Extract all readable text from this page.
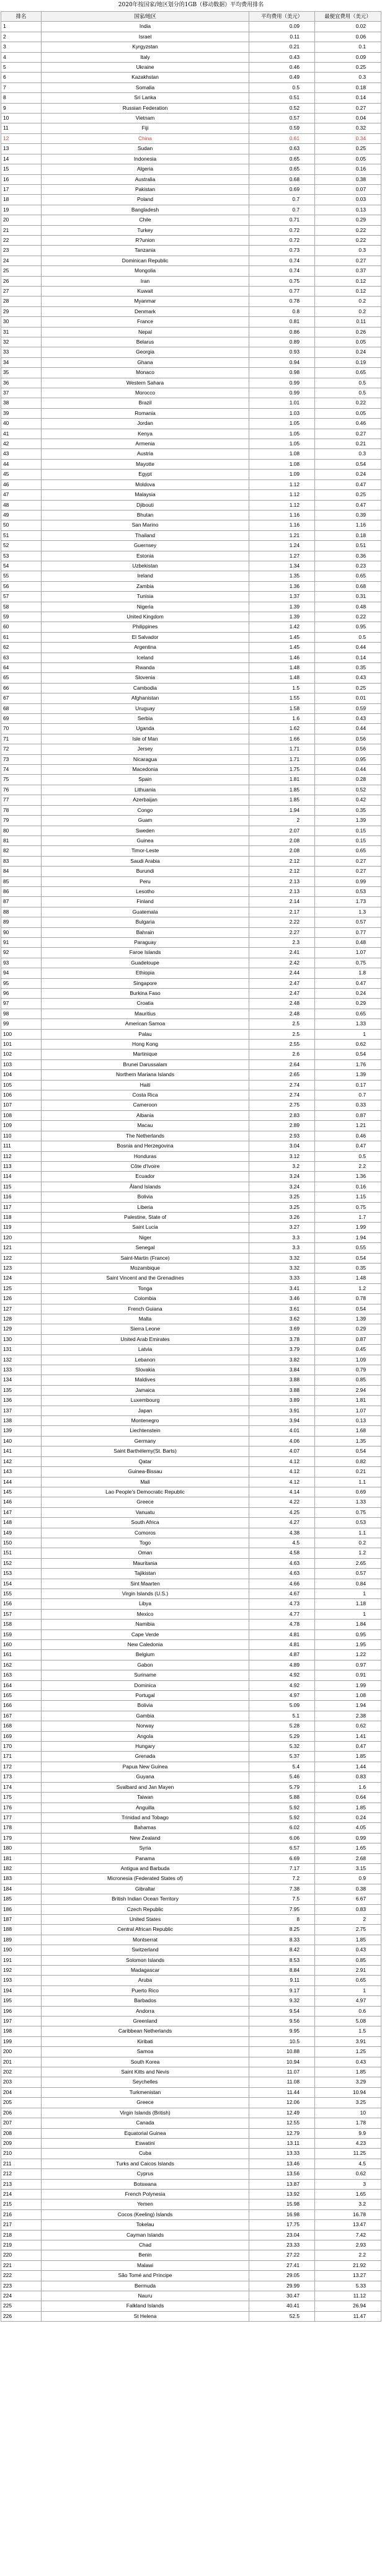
2020年按国家/地区划分的1GB（移动数据）平均费用排名
排名	国家/地区	平均费用（美元）	最便宜费用（美元）
1	India	0.09	0.02
2	Israel	0.11	0.06
3	Kyrgyzstan	0.21	0.1
4	Italy	0.43	0.09
5	Ukraine	0.46	0.25
6	Kazakhstan	0.49	0.3
7	Somalia	0.5	0.18
8	Sri Lanka	0.51	0.14
9	Russian Federation	0.52	0.27
10	Vietnam	0.57	0.04
11	Fiji	0.59	0.32
12	China	0.61	0.34
13	Sudan	0.63	0.25
14	Indonesia	0.65	0.05
15	Algeria	0.65	0.16
16	Australia	0.68	0.38
17	Pakistan	0.69	0.07
18	Poland	0.7	0.03
19	Bangladesh	0.7	0.13
20	Chile	0.71	0.29
21	Turkey	0.72	0.22
22	R?union	0.72	0.22
23	Tanzania	0.73	0.3
24	Dominican Republic	0.74	0.27
25	Mongolia	0.74	0.37
26	Iran	0.75	0.12
27	Kuwait	0.77	0.12
28	Myanmar	0.78	0.2
29	Denmark	0.8	0.2
30	France	0.81	0.11
31	Nepal	0.86	0.26
32	Belarus	0.89	0.05
33	Georgia	0.93	0.24
34	Ghana	0.94	0.19
35	Monaco	0.98	0.65
36	Western Sahara	0.99	0.5
37	Morocco	0.99	0.5
38	Brazil	1.01	0.22
39	Romania	1.03	0.05
40	Jordan	1.05	0.46
41	Kenya	1.05	0.27
42	Armenia	1.05	0.21
43	Austria	1.08	0.3
44	Mayotte	1.08	0.54
45	Egypt	1.09	0.24
46	Moldova	1.12	0.47
47	Malaysia	1.12	0.25
48	Djibouti	1.12	0.47
49	Bhutan	1.16	0.39
50	San Marino	1.16	1.16
51	Thailand	1.21	0.18
52	Guernsey	1.24	0.51
53	Estonia	1.27	0.36
54	Uzbekistan	1.34	0.23
55	Ireland	1.35	0.65
56	Zambia	1.36	0.68
57	Tunisia	1.37	0.31
58	Nigeria	1.39	0.48
59	United Kingdom	1.39	0.22
60	Philippines	1.42	0.95
61	El Salvador	1.45	0.5
62	Argentina	1.45	0.44
63	Iceland	1.46	0.14
64	Rwanda	1.48	0.35
65	Slovenia	1.48	0.43
66	Cambodia	1.5	0.25
67	Afghanistan	1.55	0.01
68	Uruguay	1.58	0.59
69	Serbia	1.6	0.43
70	Uganda	1.62	0.44
71	Isle of Man	1.66	0.56
72	Jersey	1.71	0.56
73	Nicaragua	1.71	0.95
74	Macedonia	1.75	0.44
75	Spain	1.81	0.28
76	Lithuania	1.85	0.52
77	Azerbaijan	1.85	0.42
78	Congo	1.94	0.35
79	Guam	2	1.39
80	Sweden	2.07	0.15
81	Guinea	2.08	0.15
82	Timor-Leste	2.08	0.65
83	Saudi Arabia	2.12	0.27
84	Burundi	2.12	0.27
85	Peru	2.13	0.99
86	Lesotho	2.13	0.53
87	Finland	2.14	1.73
88	Guatemala	2.17	1.3
89	Bulgaria	2.22	0.57
90	Bahrain	2.27	0.77
91	Paraguay	2.3	0.48
92	Faroe Islands	2.41	1.07
93	Guadeloupe	2.42	0.75
94	Ethiopia	2.44	1.8
95	Singapore	2.47	0.47
96	Burkina Faso	2.47	0.24
97	Croatia	2.48	0.29
98	Mauritius	2.48	0.65
99	American Samoa	2.5	1.33
100	Palau	2.5	1
101	Hong Kong	2.55	0.62
102	Martinique	2.6	0.54
103	Brunei Darussalam	2.64	1.76
104	Northern Mariana Islands	2.65	1.39
105	Haiti	2.74	0.17
106	Costa Rica	2.74	0.7
107	Cameroon	2.75	0.33
108	Albania	2.83	0.87
109	Macau	2.89	1.21
110	The Netherlands	2.93	0.46
111	Bosnia and Herzegovina	3.04	0.47
112	Honduras	3.12	0.5
113	Côte d'Ivoire	3.2	2.2
114	Ecuador	3.24	1.36
115	Åland Islands	3.24	0.16
116	Bolivia	3.25	1.15
117	Liberia	3.25	0.75
118	Palestine, State of	3.26	1.7
119	Saint Lucia	3.27	1.99
120	Niger	3.3	1.94
121	Senegal	3.3	0.55
122	Saint-Martin (France)	3.32	0.54
123	Mozambique	3.32	0.35
124	Saint Vincent and the Grenadines	3.33	1.48
125	Tonga	3.41	1.2
126	Colombia	3.46	0.78
127	French Guiana	3.61	0.54
128	Malta	3.62	1.39
129	Sierra Leone	3.69	0.29
130	United Arab Emirates	3.78	0.87
131	Latvia	3.79	0.45
132	Lebanon	3.82	1.09
133	Slovakia	3.84	0.79
134	Maldives	3.88	0.85
135	Jamaica	3.88	2.94
136	Luxembourg	3.89	1.81
137	Japan	3.91	1.07
138	Montenegro	3.94	0.13
139	Liechtenstein	4.01	1.68
140	Germany	4.06	1.35
141	Saint Barthélemy(St. Barts)	4.07	0.54
142	Qatar	4.12	0.82
143	Guinea-Bissau	4.12	0.21
144	Mali	4.12	1.1
145	Lao People's Democratic Republic	4.14	0.69
146	Greece	4.22	1.33
147	Vanuatu	4.25	0.75
148	South Africa	4.27	0.53
149	Comoros	4.38	1.1
150	Togo	4.5	0.2
151	Oman	4.58	1.2
152	Mauritania	4.63	2.65
153	Tajikistan	4.63	0.57
154	Sint Maarten	4.66	0.84
155	Virgin Islands (U.S.)	4.67	1
156	Libya	4.73	1.18
157	Mexico	4.77	1
158	Namibia	4.78	1.84
159	Cape Verde	4.81	0.95
160	New Caledonia	4.81	1.95
161	Belgium	4.87	1.22
162	Gabon	4.89	0.97
163	Suriname	4.92	0.91
164	Dominica	4.92	1.99
165	Portugal	4.97	1.08
166	Bolivia	5.09	1.94
167	Gambia	5.1	2.38
168	Norway	5.28	0.62
169	Angola	5.29	1.41
170	Hungary	5.32	0.47
171	Grenada	5.37	1.85
172	Papua New Guinea	5.4	1.44
173	Guyana	5.46	0.83
174	Svalbard and Jan Mayen	5.79	1.6
175	Taiwan	5.88	0.64
176	Anguilla	5.92	1.85
177	Trinidad and Tobago	5.92	0.24
178	Bahamas	6.02	4.05
179	New Zealand	6.06	0.99
180	Syria	6.57	1.65
181	Panama	6.69	2.68
182	Antigua and Barbuda	7.17	3.15
183	Micronesia (Federated States of)	7.2	0.9
184	Gibraltar	7.38	0.38
185	British Indian Ocean Territory	7.5	6.67
186	Czech Republic	7.95	0.83
187	United States	8	2
188	Central African Republic	8.25	2.75
189	Montserrat	8.33	1.85
190	Switzerland	8.42	0.43
191	Solomon Islands	8.53	0.85
192	Madagascar	8.84	2.91
193	Aruba	9.11	0.65
194	Puerto Rico	9.17	1
195	Barbados	9.32	4.97
196	Andorra	9.54	0.6
197	Greenland	9.56	5.08
198	Caribbean Netherlands	9.95	1.5
199	Kiribati	10.5	3.91
200	Samoa	10.88	1.25
201	South Korea	10.94	0.43
202	Saint Kitts and Nevis	11.07	1.85
203	Seychelles	11.08	3.29
204	Turkmenistan	11.44	10.94
205	Greece	12.06	3.25
206	Virgin Islands (British)	12.49	10
207	Canada	12.55	1.78
208	Equatorial Guinea	12.79	9.9
209	Eswatini	13.11	4.23
210	Cuba	13.33	11.25
211	Turks and Caicos Islands	13.46	4.5
212	Cyprus	13.56	0.62
213	Botswana	13.87	3
214	French Polynesia	13.92	1.65
215	Yemen	15.98	3.2
216	Cocos (Keeling) Islands	16.98	16.78
217	Tokelau	17.75	13.47
218	Cayman Islands	23.04	7.42
219	Chad	23.33	2.93
220	Benin	27.22	2.2
221	Malawi	27.41	21.92
222	São Tomé and Príncipe	29.05	13.27
223	Bermuda	29.99	5.33
224	Nauru	30.47	11.12
225	Falkland Islands	40.41	26.94
226	St Helena	52.5	11.47
